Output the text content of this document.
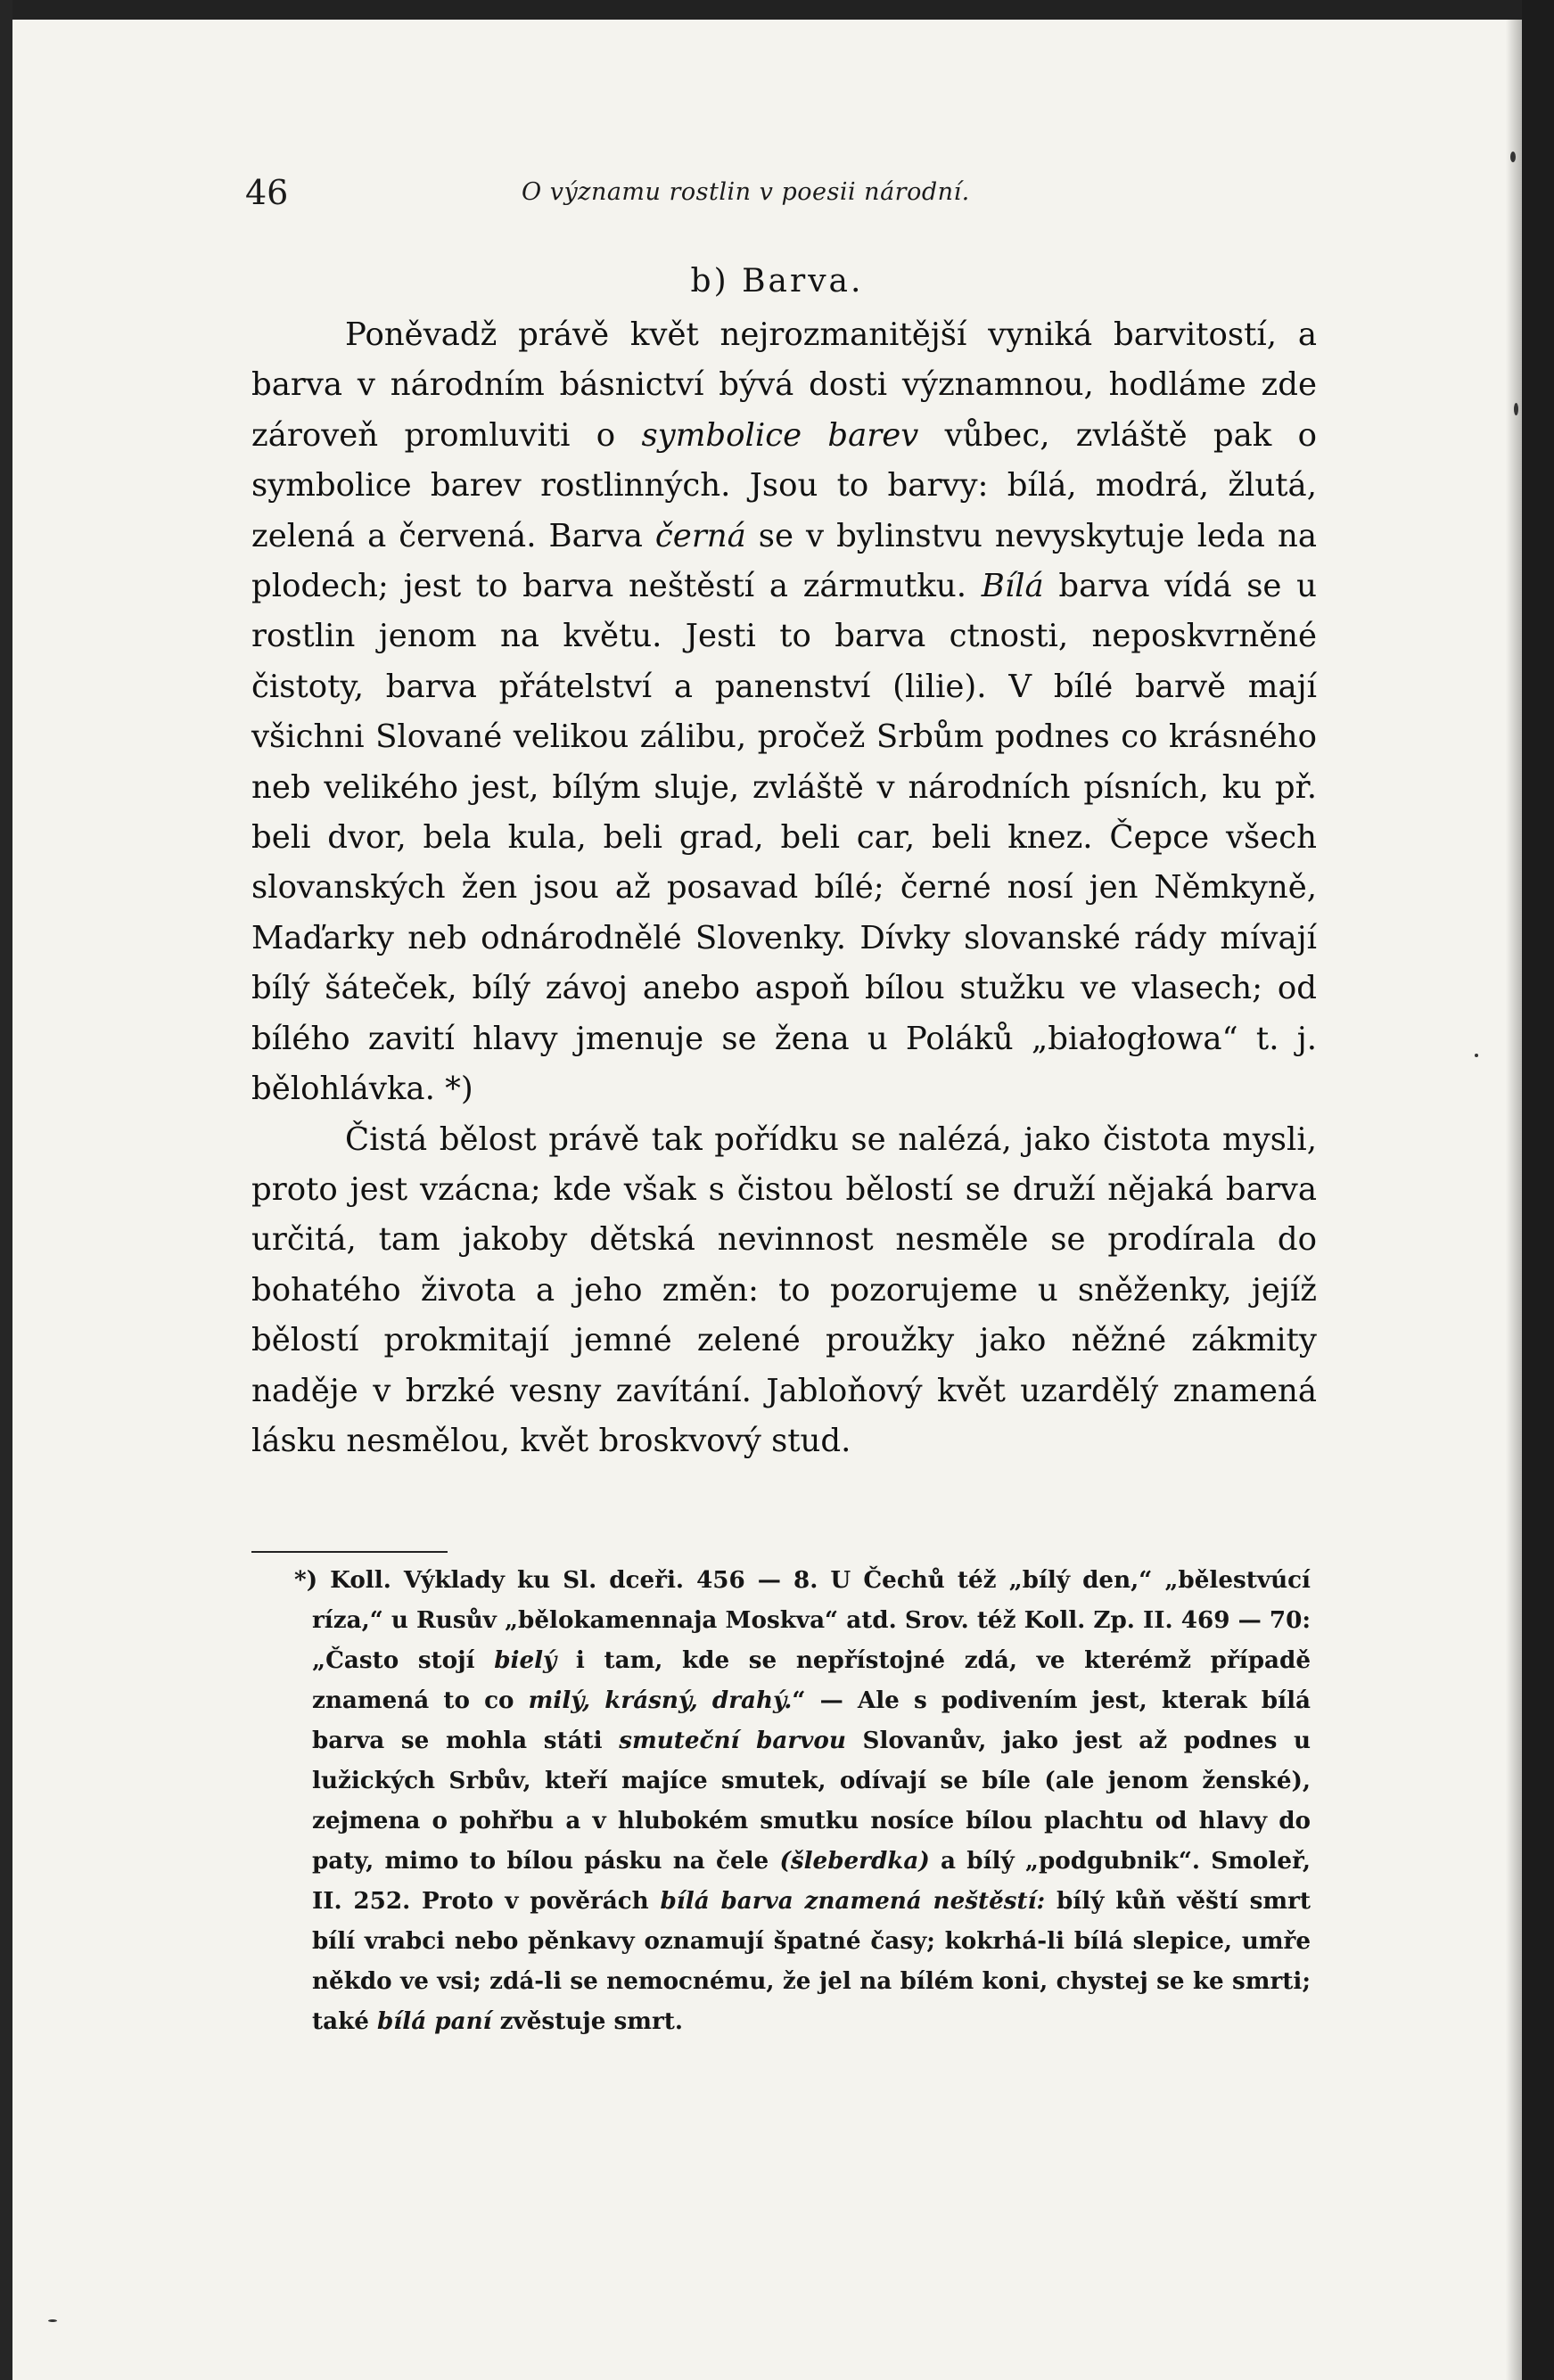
46	O významu rostlin v poesii národní.
b) Barva.

Poněvadž právě květ nejrozmanitější vyniká barvitostí, a barva v národním básnictví bývá dosti významnou, hodláme zde zároveň promluviti o symbolice barev vůbec, zvláště pak o symbolice barev rostlinných. Jsou to barvy: bílá, modrá, žlutá, zelená a červená. Barva černá se v bylinstvu nevyskytuje leda na plodech; jest to barva neštěstí a zármutku. Bílá barva vídá se u rostlin jenom na květu. Jesti to barva ctnosti, neposkvrněné čistoty, barva přátelství a panenství (lilie). V bílé barvě mají všichni Slované velikou zálibu, pročež Srbům podnes co krásného neb velikého jest, bílým sluje, zvláště v národních písních, ku př. beli dvor, bela kula, beli grad, beli car, beli knez. Čepce všech slovanských žen jsou až posavad bílé; černé nosí jen Němkyně, Maďarky neb odnárodnělé Slovenky. Dívky slovanské rády mívají bílý šáteček, bílý závoj anebo aspoň bílou stužku ve vlasech; od bílého zavití hlavy jmenuje se žena u Poláků „białogłowa“ t. j. bělohlávka. *)

Čistá bělost právě tak pořídku se nalézá, jako čistota mysli, proto jest vzácna; kde však s čistou bělostí se druží nějaká barva určitá, tam jakoby dětská nevinnost nesměle se prodírala do bohatého života a jeho změn: to pozorujeme u sněženky, jejíž bělostí prokmitají jemné zelené proužky jako něžné zákmity naděje v brzké vesny zavítání. Jabloňový květ uzardělý znamená lásku nesmělou, květ broskvový stud.

*) Koll. Výklady ku Sl. dceři. 456 — 8. U Čechů též „bílý den,“ „bělestvúcí ríza,“ u Rusův „bělokamennaja Moskva“ atd. Srov. též Koll. Zp. II. 469 — 70: „Často stojí bielý i tam, kde se nepřístojné zdá, ve kterémž případě znamená to co milý, krásný, drahý.“ — Ale s podivením jest, kterak bílá barva se mohla státi smuteční barvou Slovanův, jako jest až podnes u lužických Srbův, kteří majíce smutek, odívají se bíle (ale jenom ženské), zejmena o pohřbu a v hlubokém smutku nosíce bílou plachtu od hlavy do paty, mimo to bílou pásku na čele (šleberdka) a bílý „podgubnik“. Smoleř, II. 252. Proto v pověrách bílá barva znamená neštěstí: bílý kůň věští smrt bílí vrabci nebo pěnkavy oznamují špatné časy; kokrhá-li bílá slepice, umře někdo ve vsi; zdá-li se nemocnému, že jel na bílém koni, chystej se ke smrti; také bílá paní zvěstuje smrt.
